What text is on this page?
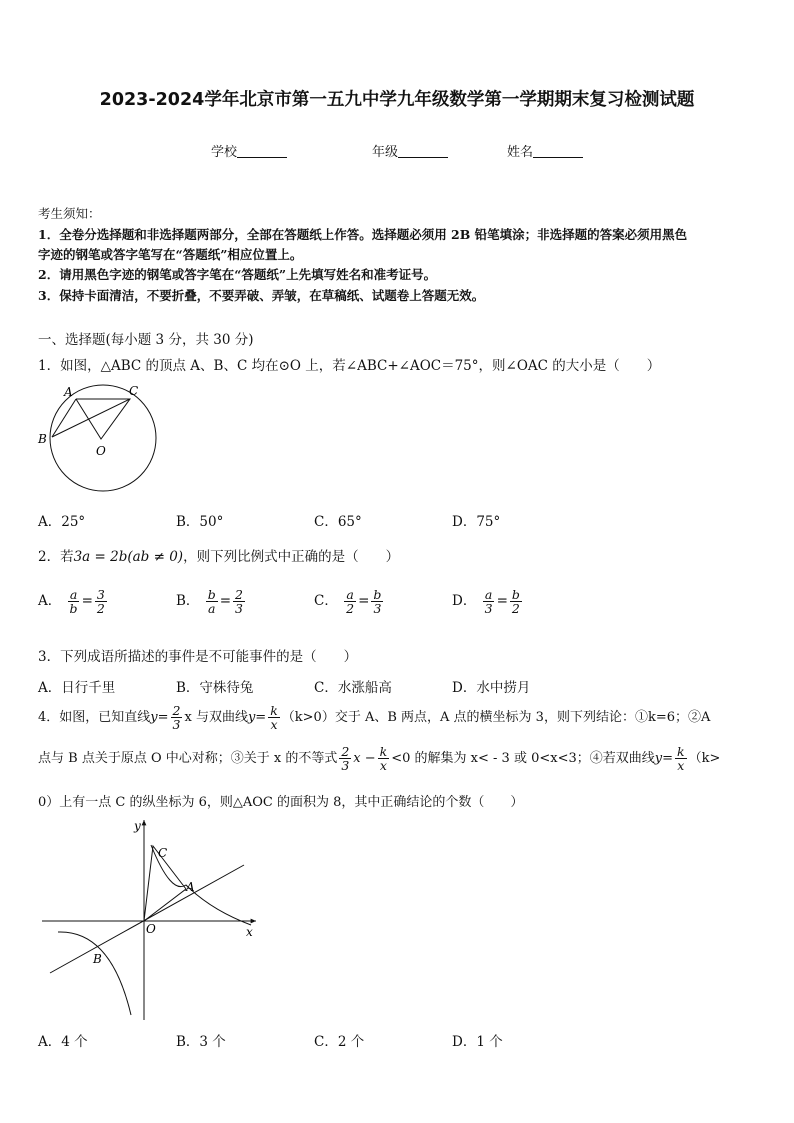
2023-2024学年北京市第一五九中学九年级数学第一学期期末复习检测试题
学校	年级	姓名
考生须知：
1．全卷分选择题和非选择题两部分，全部在答题纸上作答。选择题必须用 2B 铅笔填涂；非选择题的答案必须用黑色
字迹的钢笔或答字笔写在“答题纸”相应位置上。
2．请用黑色字迹的钢笔或答字笔在“答题纸”上先填写姓名和准考证号。
3．保持卡面清洁，不要折叠，不要弄破、弄皱，在草稿纸、试题卷上答题无效。
一、选择题(每小题 3 分，共 30 分)
1．如图，△ABC 的顶点 A、B、C 均在⊙O 上，若∠ABC+∠AOC＝75°，则∠OAC 的大小是（　　）
A	C
B
O
A．25°	B．50°	C．65°	D．75°
2．若3a = 2b(ab ≠ 0)，则下列比例式中正确的是（　　）
A． $\frac{a}{b} = \frac{3}{2}$	B． $\frac{b}{a} = \frac{2}{3}$	C． $\frac{a}{2} = \frac{b}{3}$	D． $\frac{a}{3} = \frac{b}{2}$
3．下列成语所描述的事件是不可能事件的是（　　）
A．日行千里	B．守株待兔	C．水涨船高	D．水中捞月
4．如图，已知直线$y= \frac{2}{3}$ x 与双曲线$y= \frac{k}{x} (k>0)$交于 A、B 两点，A 点的横坐标为 3，则下列结论：①k=6；②A
点与 B 点关于原点 O 中心对称；③关于 x 的不等式 $\frac{2}{3}$ $x - \frac{k}{x} <0$ 的解集为 x< - 3 或 0<x<3；④若双曲线$y= \frac{k}{x} (k>$
0）上有一点 C 的纵坐标为 6，则△AOC 的面积为 8，其中正确结论的个数（　　）
y
x
O
A
C
B
A．4 个	B．3 个	C．2 个	D．1 个
